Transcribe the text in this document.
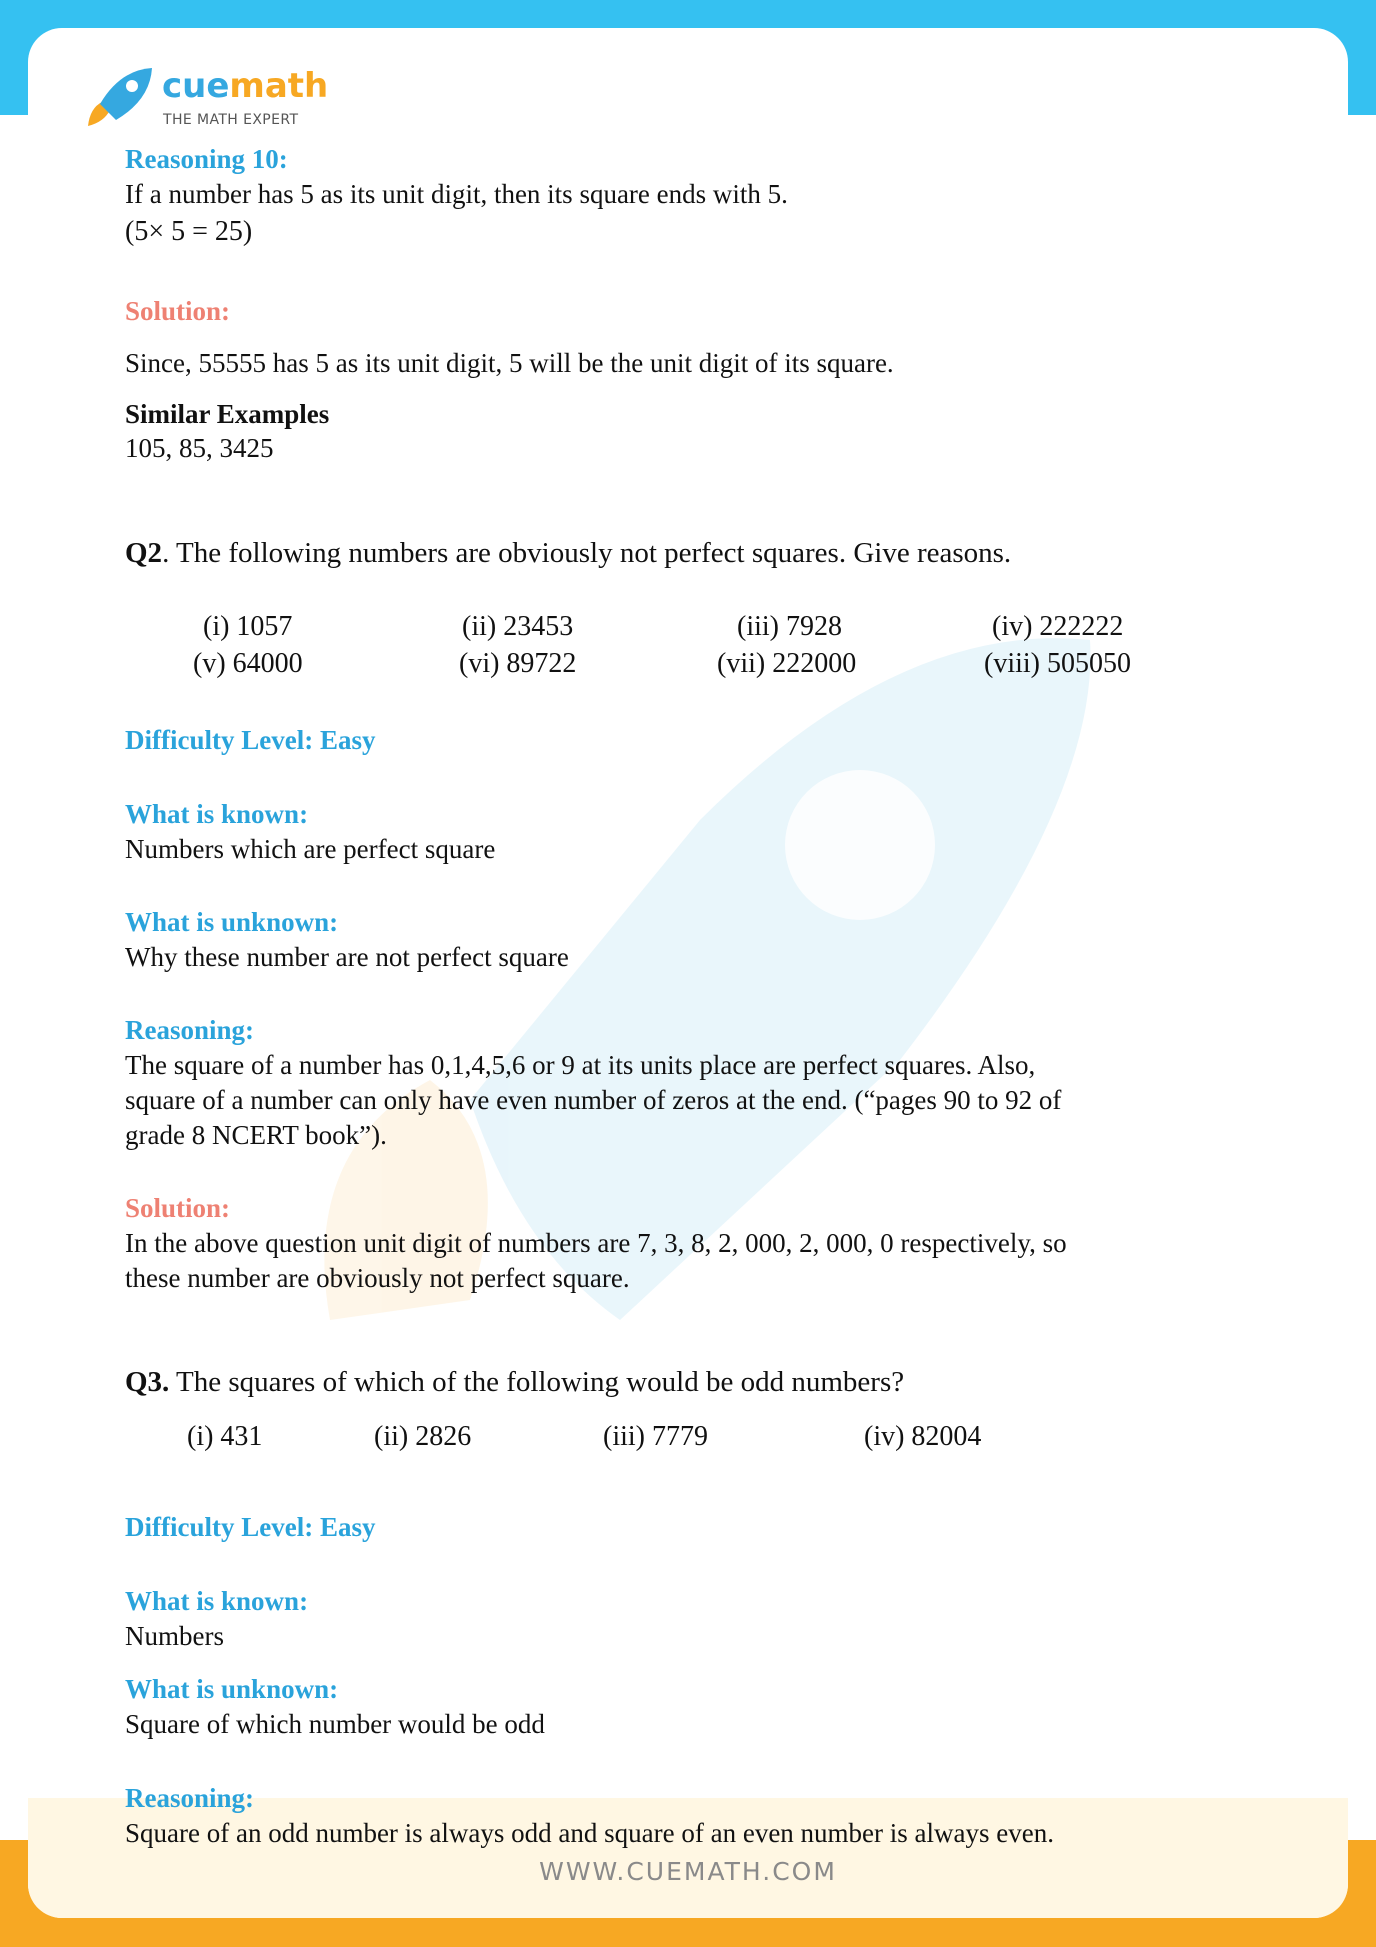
cuemath
THE MATH EXPERT
Reasoning 10:
If a number has 5 as its unit digit, then its square ends with 5.
(5× 5 = 25)
Solution:
Since, 55555 has 5 as its unit digit, 5 will be the unit digit of its square.
Similar Examples
105, 85, 3425
Q2. The following numbers are obviously not perfect squares. Give reasons.
(i) 1057	(ii) 23453	(iii) 7928	(iv) 222222
(v) 64000	(vi) 89722	(vii) 222000	(viii) 505050
Difficulty Level: Easy
What is known:
Numbers which are perfect square
What is unknown:
Why these number are not perfect square
Reasoning:
The square of a number has 0,1,4,5,6 or 9 at its units place are perfect squares. Also,
square of a number can only have even number of zeros at the end. (“pages 90 to 92 of
grade 8 NCERT book”).
Solution:
In the above question unit digit of numbers are 7, 3, 8, 2, 000, 2, 000, 0 respectively, so
these number are obviously not perfect square.
Q3. The squares of which of the following would be odd numbers?
(i) 431	(ii) 2826	(iii) 7779	(iv) 82004
Difficulty Level: Easy
What is known:
Numbers
What is unknown:
Square of which number would be odd
Reasoning:
Square of an odd number is always odd and square of an even number is always even.
WWW.CUEMATH.COM
